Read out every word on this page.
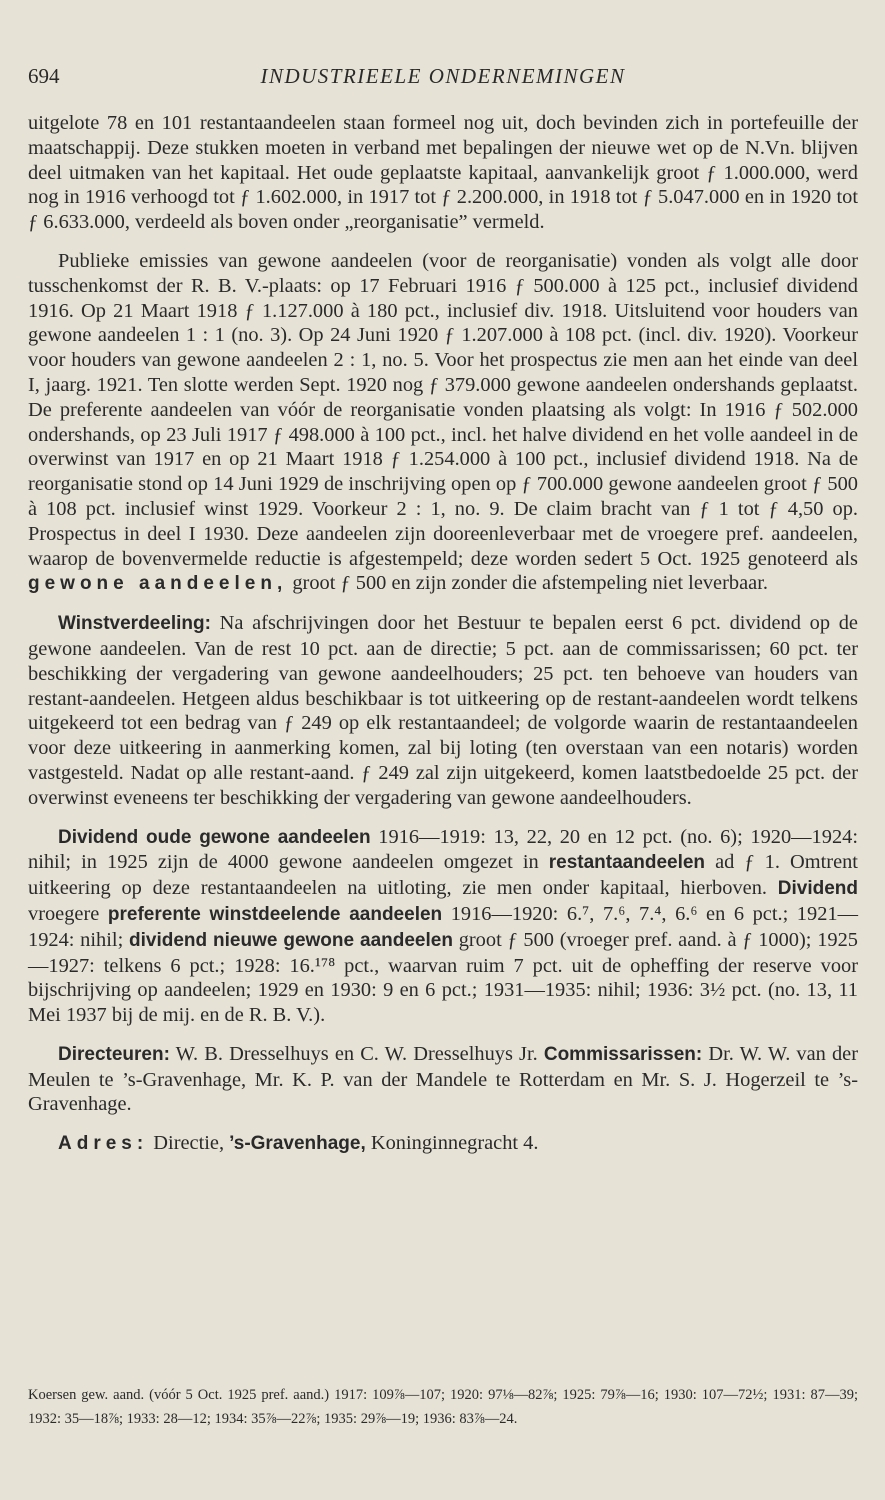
694	INDUSTRIEELE ONDERNEMINGEN

uitgelote 78 en 101 restantaandeelen staan formeel nog uit, doch bevinden zich in portefeuille der maatschappij. Deze stukken moeten in verband met bepalingen der nieuwe wet op de N.Vn. blijven deel uitmaken van het kapitaal. Het oude geplaatste kapitaal, aanvankelijk groot ƒ 1.000.000, werd nog in 1916 verhoogd tot ƒ 1.602.000, in 1917 tot ƒ 2.200.000, in 1918 tot ƒ 5.047.000 en in 1920 tot ƒ 6.633.000, verdeeld als boven onder „reorganisatie” vermeld.

Publieke emissies van gewone aandeelen (voor de reorganisatie) vonden als volgt alle door tusschenkomst der R. B. V.-plaats: op 17 Februari 1916 ƒ 500.000 à 125 pct., inclusief dividend 1916. Op 21 Maart 1918 ƒ 1.127.000 à 180 pct., inclusief div. 1918. Uitsluitend voor houders van gewone aandeelen 1 : 1 (no. 3). Op 24 Juni 1920 ƒ 1.207.000 à 108 pct. (incl. div. 1920). Voorkeur voor houders van gewone aandeelen 2 : 1, no. 5. Voor het prospectus zie men aan het einde van deel I, jaarg. 1921. Ten slotte werden Sept. 1920 nog ƒ 379.000 gewone aandeelen ondershands geplaatst. De preferente aandeelen van vóór de reorganisatie vonden plaatsing als volgt: In 1916 ƒ 502.000 ondershands, op 23 Juli 1917 ƒ 498.000 à 100 pct., incl. het halve dividend en het volle aandeel in de overwinst van 1917 en op 21 Maart 1918 ƒ 1.254.000 à 100 pct., inclusief dividend 1918. Na de reorganisatie stond op 14 Juni 1929 de inschrijving open op ƒ 700.000 gewone aandeelen groot ƒ 500 à 108 pct. inclusief winst 1929. Voorkeur 2 : 1, no. 9. De claim bracht van ƒ 1 tot ƒ 4,50 op. Prospectus in deel I 1930. Deze aandeelen zijn dooreenleverbaar met de vroegere pref. aandeelen, waarop de bovenvermelde reductie is afgestempeld; deze worden sedert 5 Oct. 1925 genoteerd als gewone aandeelen, groot ƒ 500 en zijn zonder die afstempeling niet leverbaar.

Winstverdeeling: Na afschrijvingen door het Bestuur te bepalen eerst 6 pct. dividend op de gewone aandeelen. Van de rest 10 pct. aan de directie; 5 pct. aan de commissarissen; 60 pct. ter beschikking der vergadering van gewone aandeelhouders; 25 pct. ten behoeve van houders van restant-aandeelen. Hetgeen aldus beschikbaar is tot uitkeering op de restant-aandeelen wordt telkens uitgekeerd tot een bedrag van ƒ 249 op elk restantaandeel; de volgorde waarin de restantaandeelen voor deze uitkeering in aanmerking komen, zal bij loting (ten overstaan van een notaris) worden vastgesteld. Nadat op alle restant-aand. ƒ 249 zal zijn uitgekeerd, komen laatstbedoelde 25 pct. der overwinst eveneens ter beschikking der vergadering van gewone aandeelhouders.

Dividend oude gewone aandeelen 1916—1919: 13, 22, 20 en 12 pct. (no. 6); 1920—1924: nihil; in 1925 zijn de 4000 gewone aandeelen omgezet in restantaandeelen ad ƒ 1. Omtrent uitkeering op deze restantaandeelen na uitloting, zie men onder kapitaal, hierboven. Dividend vroegere preferente winstdeelende aandeelen 1916—1920: 6.⁷, 7.⁶, 7.⁴, 6.⁶ en 6 pct.; 1921—1924: nihil; dividend nieuwe gewone aandeelen groot ƒ 500 (vroeger pref. aand. à ƒ 1000); 1925—1927: telkens 6 pct.; 1928: 16.¹⁷⁸ pct., waarvan ruim 7 pct. uit de opheffing der reserve voor bijschrijving op aandeelen; 1929 en 1930: 9 en 6 pct.; 1931—1935: nihil; 1936: 3½ pct. (no. 13, 11 Mei 1937 bij de mij. en de R. B. V.).

Directeuren: W. B. Dresselhuys en C. W. Dresselhuys Jr. Commissarissen: Dr. W. W. van der Meulen te ’s-Gravenhage, Mr. K. P. van der Mandele te Rotterdam en Mr. S. J. Hogerzeil te ’s-Gravenhage.

Adres: Directie, ’s-Gravenhage, Koninginnegracht 4.

Koersen gew. aand. (vóór 5 Oct. 1925 pref. aand.) 1917: 109⅞—107; 1920: 97⅛—82⅞; 1925: 79⅞—16; 1930: 107—72½; 1931: 87—39; 1932: 35—18⅞; 1933: 28—12; 1934: 35⅞—22⅞; 1935: 29⅞—19; 1936: 83⅞—24.
